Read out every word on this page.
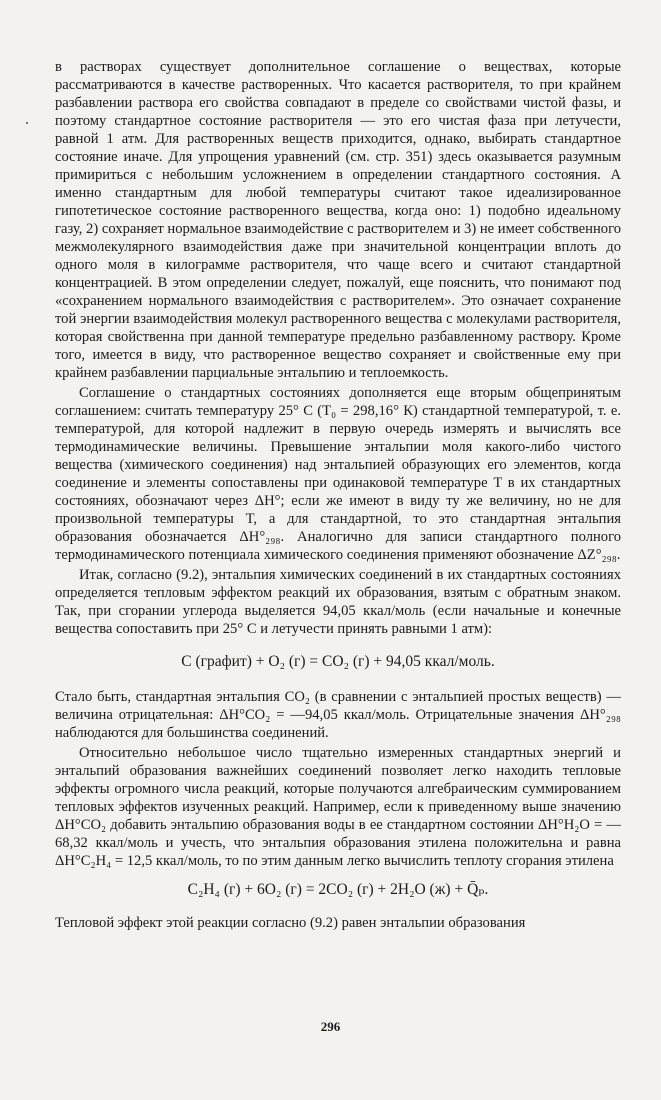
в растворах существует дополнительное соглашение о веществах, которые рассматриваются в качестве растворенных. Что касается растворителя, то при крайнем разбавлении раствора его свойства совпадают в пределе со свойствами чистой фазы, и поэтому стандартное состояние растворителя — это его чистая фаза при летучести, равной 1 атм. Для растворенных веществ приходится, однако, выбирать стандартное состояние иначе. Для упрощения уравнений (см. стр. 351) здесь оказывается разумным примириться с небольшим усложнением в определении стандартного состояния. А именно стандартным для любой температуры считают такое идеализированное гипотетическое состояние растворенного вещества, когда оно: 1) подобно идеальному газу, 2) сохраняет нормальное взаимодействие с растворителем и 3) не имеет собственного межмолекулярного взаимодействия даже при значительной концентрации вплоть до одного моля в килограмме растворителя, что чаще всего и считают стандартной концентрацией. В этом определении следует, пожалуй, еще пояснить, что понимают под «сохранением нормального взаимодействия с растворителем». Это означает сохранение той энергии взаимодействия молекул растворенного вещества с молекулами растворителя, которая свойственна при данной температуре предельно разбавленному раствору. Кроме того, имеется в виду, что растворенное вещество сохраняет и свойственные ему при крайнем разбавлении парциальные энтальпию и теплоемкость.

Соглашение о стандартных состояниях дополняется еще вторым общепринятым соглашением: считать температуру 25° С (T₀ = 298,16° К) стандартной температурой, т. е. температурой, для которой надлежит в первую очередь измерять и вычислять все термодинамические величины. Превышение энтальпии моля какого-либо чистого вещества (химического соединения) над энтальпией образующих его элементов, когда соединение и элементы сопоставлены при одинаковой температуре T в их стандартных состояниях, обозначают через ΔH°; если же имеют в виду ту же величину, но не для произвольной температуры T, а для стандартной, то это стандартная энтальпия образования обозначается ΔH°₂₉₈. Аналогично для записи стандартного полного термодинамического потенциала химического соединения применяют обозначение ΔZ°₂₉₈.

Итак, согласно (9.2), энтальпия химических соединений в их стандартных состояниях определяется тепловым эффектом реакций их образования, взятым с обратным знаком. Так, при сгорании углерода выделяется 94,05 ккал/моль (если начальные и конечные вещества сопоставить при 25° С и летучести принять равными 1 атм):

С (графит) + O₂ (г) = CO₂ (г) + 94,05 ккал/моль.

Стало быть, стандартная энтальпия CO₂ (в сравнении с энтальпией простых веществ) — величина отрицательная: ΔH°CO₂ = —94,05 ккал/моль. Отрицательные значения ΔH°₂₉₈ наблюдаются для большинства соединений.

Относительно небольшое число тщательно измеренных стандартных энергий и энтальпий образования важнейших соединений позволяет легко находить тепловые эффекты огромного числа реакций, которые получаются алгебраическим суммированием тепловых эффектов изученных реакций. Например, если к приведенному выше значению ΔH°CO₂ добавить энтальпию образования воды в ее стандартном состоянии ΔH°H₂O = — 68,32 ккал/моль и учесть, что энтальпия образования этилена положительна и равна ΔH°C₂H₄ = 12,5 ккал/моль, то по этим данным легко вычислить теплоту сгорания этилена

C₂H₄ (г) + 6O₂ (г) = 2CO₂ (г) + 2H₂O (ж) + Q̄ₚ.

Тепловой эффект этой реакции согласно (9.2) равен энтальпии образования

296
